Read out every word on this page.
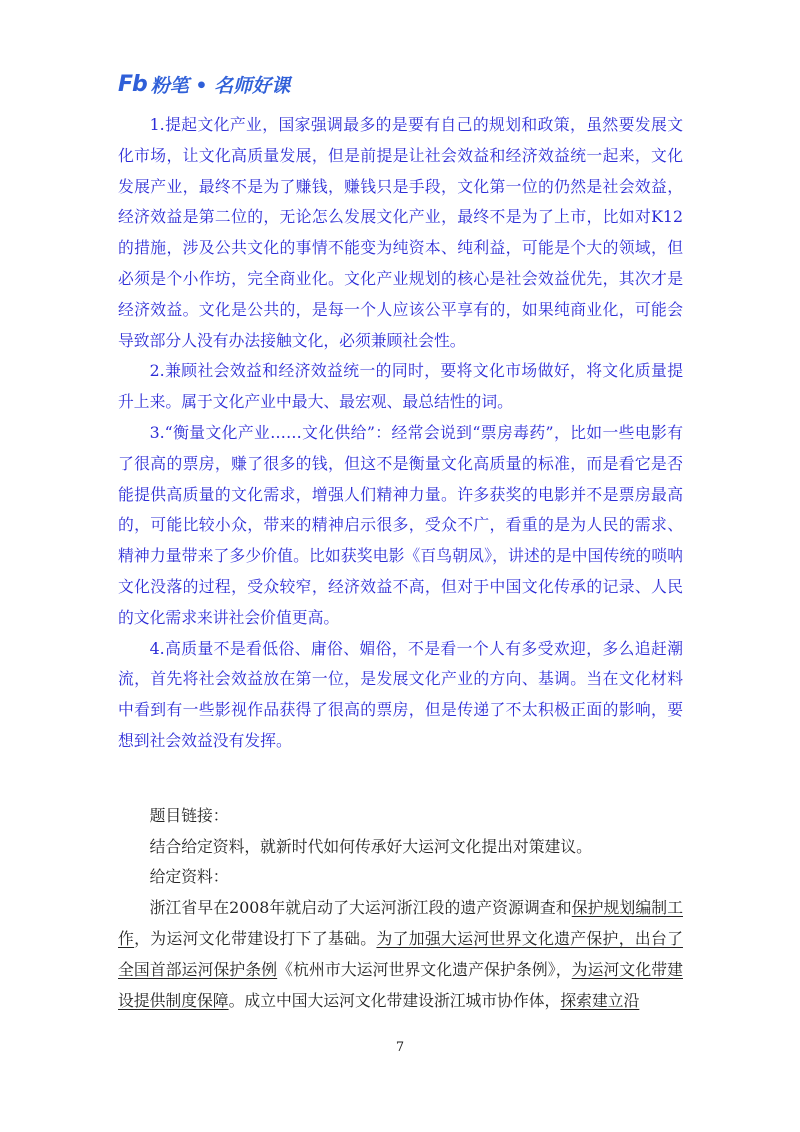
Fb 粉笔 • 名师好课

1.提起文化产业，国家强调最多的是要有自己的规划和政策，虽然要发展文化市场，让文化高质量发展，但是前提是让社会效益和经济效益统一起来，文化发展产业，最终不是为了赚钱，赚钱只是手段，文化第一位的仍然是社会效益，经济效益是第二位的，无论怎么发展文化产业，最终不是为了上市，比如对K12的措施，涉及公共文化的事情不能变为纯资本、纯利益，可能是个大的领域，但必须是个小作坊，完全商业化。文化产业规划的核心是社会效益优先，其次才是经济效益。文化是公共的，是每一个人应该公平享有的，如果纯商业化，可能会导致部分人没有办法接触文化，必须兼顾社会性。

2.兼顾社会效益和经济效益统一的同时，要将文化市场做好，将文化质量提升上来。属于文化产业中最大、最宏观、最总结性的词。

3.“衡量文化产业……文化供给”：经常会说到“票房毒药”，比如一些电影有了很高的票房，赚了很多的钱，但这不是衡量文化高质量的标准，而是看它是否能提供高质量的文化需求，增强人们精神力量。许多获奖的电影并不是票房最高的，可能比较小众，带来的精神启示很多，受众不广，看重的是为人民的需求、精神力量带来了多少价值。比如获奖电影《百鸟朝凤》，讲述的是中国传统的唢呐文化没落的过程，受众较窄，经济效益不高，但对于中国文化传承的记录、人民的文化需求来讲社会价值更高。

4.高质量不是看低俗、庸俗、媚俗，不是看一个人有多受欢迎，多么追赶潮流，首先将社会效益放在第一位，是发展文化产业的方向、基调。当在文化材料中看到有一些影视作品获得了很高的票房，但是传递了不太积极正面的影响，要想到社会效益没有发挥。

题目链接：

结合给定资料，就新时代如何传承好大运河文化提出对策建议。

给定资料：

浙江省早在2008年就启动了大运河浙江段的遗产资源调查和保护规划编制工作，为运河文化带建设打下了基础。为了加强大运河世界文化遗产保护，出台了全国首部运河保护条例《杭州市大运河世界文化遗产保护条例》，为运河文化带建设提供制度保障。成立中国大运河文化带建设浙江城市协作体，探索建立沿

7
